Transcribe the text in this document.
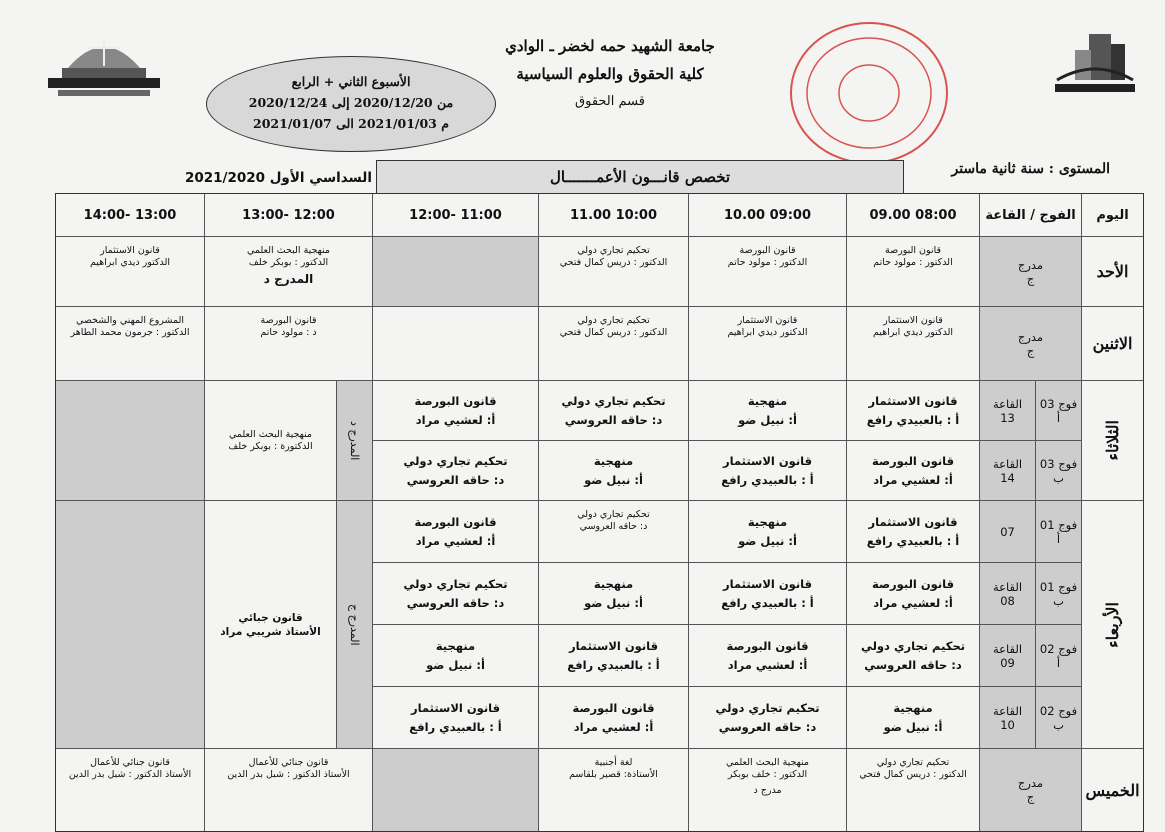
جامعة الشهيد حمه لخضر ـ الوادي
كلية الحقوق والعلوم السياسية
قسم الحقوق
الأسبوع الثاني + الرابع
من 2020/12/20 إلى 2020/12/24
م 2021/01/03 الى 2021/01/07
المستوى : سنة ثانية ماستر
تخصص قانـــون الأعمـــــــال
السداسي الأول 2021/2020
اليوم
الفوج / القاعة
08:00 09.00
09:00 10.00
10:00 11.00
11:00 -12:00
12:00 -13:00
13:00 -14:00
الأحد
مدرج
ج
قانون البورصة
الدكتور : مولود حاتم
قانون البورصة
الدكتور : مولود حاتم
تحكيم تجاري دولي
الدكتور : دريس كمال فتحي
منهجية البحث العلمي
الدكتور : بوبكر خلف
المدرج د
قانون الاستثمار
الدكتور ديدي ابراهيم
الاثنين
مدرج
ج
قانون الاستثمار
الدكتور ديدي ابراهيم
قانون الاستثمار
الدكتور ديدي ابراهيم
تحكيم تجاري دولي
الدكتور : دريس كمال فتحي
قانون البورصة
د : مولود حاتم
المشروع المهني والشخصي
الدكتور : جرمون محمد الطاهر
الثلاثاء
فوج 03
أ
القاعة
13
قانون الاستثمار
أ : بالعبيدي رافع
منهجية
أ: نبيل ضو
تحكيم تجاري دولي
د: حاقه العروسي
قانون البورصة
أ: لعشيي مراد
فوج 03
ب
القاعة
14
قانون البورصة
أ: لعشيي مراد
قانون الاستثمار
أ : بالعبيدي رافع
منهجية
أ: نبيل ضو
تحكيم تجاري دولي
د: حاقه العروسي
المدرج د
منهجية البحث العلمي
الدكتورة : بوبكر خلف
الأربعاء
فوج 01
أ
07
قانون الاستثمار
أ : بالعبيدي رافع
منهجية
أ: نبيل ضو
تحكيم تجاري دولي
د: حاقه العروسي
قانون البورصة
أ: لعشيي مراد
فوج 01
ب
القاعة
08
قانون البورصة
أ: لعشيي مراد
قانون الاستثمار
أ : بالعبيدي رافع
منهجية
أ: نبيل ضو
تحكيم تجاري دولي
د: حاقه العروسي
فوج 02
أ
القاعة
09
تحكيم تجاري دولي
د: حاقه العروسي
قانون البورصة
أ: لعشيي مراد
قانون الاستثمار
أ : بالعبيدي رافع
منهجية
أ: نبيل ضو
فوج 02
ب
القاعة
10
منهجية
أ: نبيل ضو
تحكيم تجاري دولي
د: حاقه العروسي
قانون البورصة
أ: لعشيي مراد
قانون الاستثمار
أ : بالعبيدي رافع
المدرج ج
قانون جبائي
الأستاذ شريبي مراد
الخميس
مدرج
ج
تحكيم تجاري دولي
الدكتور : دريس كمال فتحي
منهجية البحث العلمي
الدكتور : خلف بوبكر
مدرج د
لغة أجنبية
الأستاذة: قصير بلقاسم
قانون جنائي للأعمال
الأستاذ الدكتور : شبل بدر الدين
قانون جنائي للأعمال
الأستاذ الدكتور : شبل بدر الدين
